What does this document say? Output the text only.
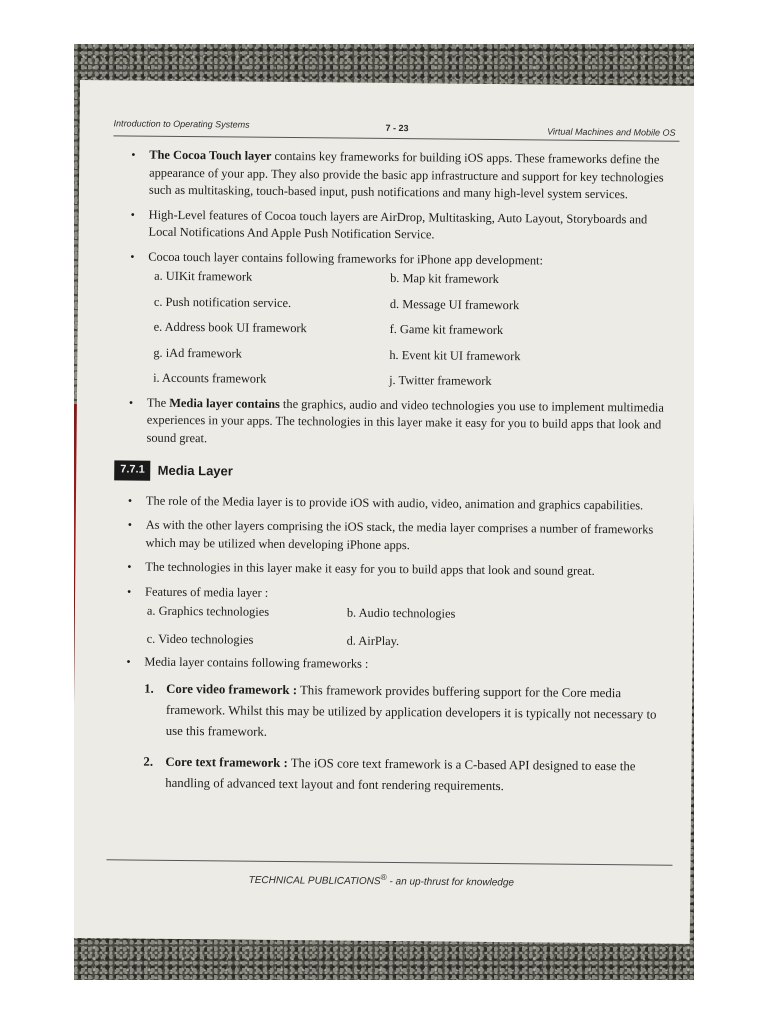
Introduction to Operating Systems	7 - 23	Virtual Machines and Mobile OS
• The Cocoa Touch layer contains key frameworks for building iOS apps. These frameworks define the appearance of your app. They also provide the basic app infrastructure and support for key technologies such as multitasking, touch-based input, push notifications and many high-level system services.
• High-Level features of Cocoa touch layers are AirDrop, Multitasking, Auto Layout, Storyboards and Local Notifications And Apple Push Notification Service.
• Cocoa touch layer contains following frameworks for iPhone app development:
a. UIKit framework	b. Map kit framework
c. Push notification service.	d. Message UI framework
e. Address book UI framework	f. Game kit framework
g. iAd framework	h. Event kit UI framework
i. Accounts framework	j. Twitter framework
• The Media layer contains the graphics, audio and video technologies you use to implement multimedia experiences in your apps. The technologies in this layer make it easy for you to build apps that look and sound great.
7.7.1 Media Layer
• The role of the Media layer is to provide iOS with audio, video, animation and graphics capabilities.
• As with the other layers comprising the iOS stack, the media layer comprises a number of frameworks which may be utilized when developing iPhone apps.
• The technologies in this layer make it easy for you to build apps that look and sound great.
• Features of media layer :
a. Graphics technologies	b. Audio technologies
c. Video technologies	d. AirPlay.
• Media layer contains following frameworks :
1. Core video framework : This framework provides buffering support for the Core media framework. Whilst this may be utilized by application developers it is typically not necessary to use this framework.
2. Core text framework : The iOS core text framework is a C-based API designed to ease the handling of advanced text layout and font rendering requirements.
TECHNICAL PUBLICATIONS® - an up-thrust for knowledge
